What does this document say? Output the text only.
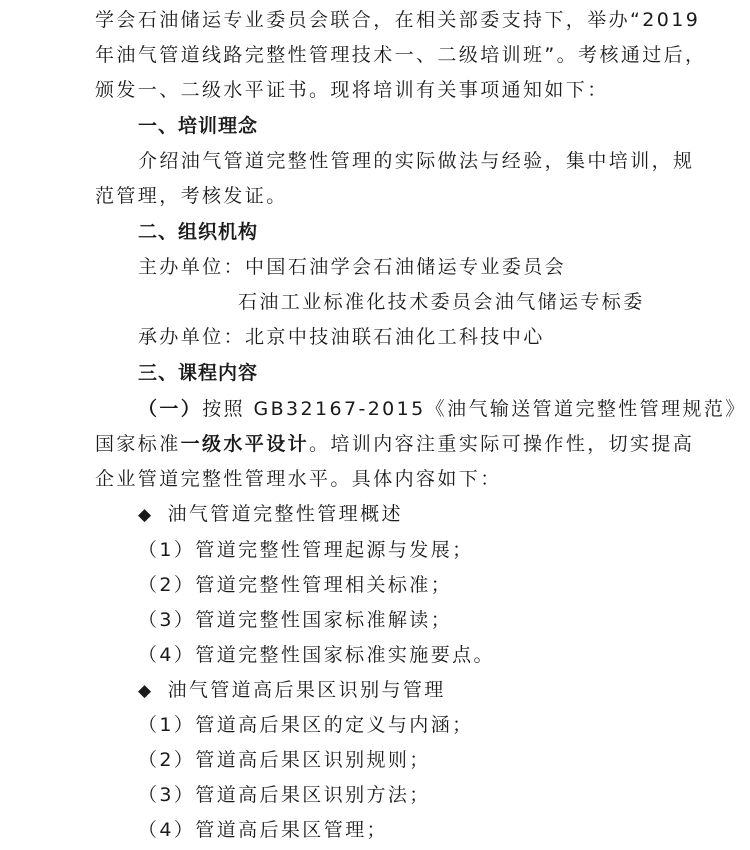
学会石油储运专业委员会联合，在相关部委支持下，举办“2019
年油气管道线路完整性管理技术一、二级培训班”。考核通过后，
颁发一、二级水平证书。现将培训有关事项通知如下：
一、培训理念
介绍油气管道完整性管理的实际做法与经验，集中培训，规
范管理，考核发证。
二、组织机构
主办单位：中国石油学会石油储运专业委员会
石油工业标准化技术委员会油气储运专标委
承办单位：北京中技油联石油化工科技中心
三、课程内容
（一）按照 GB32167-2015《油气输送管道完整性管理规范》
国家标准一级水平设计。培训内容注重实际可操作性，切实提高
企业管道完整性管理水平。具体内容如下：
◆ 油气管道完整性管理概述
（1）管道完整性管理起源与发展；
（2）管道完整性管理相关标准；
（3）管道完整性国家标准解读；
（4）管道完整性国家标准实施要点。
◆ 油气管道高后果区识别与管理
（1）管道高后果区的定义与内涵；
（2）管道高后果区识别规则；
（3）管道高后果区识别方法；
（4）管道高后果区管理；
